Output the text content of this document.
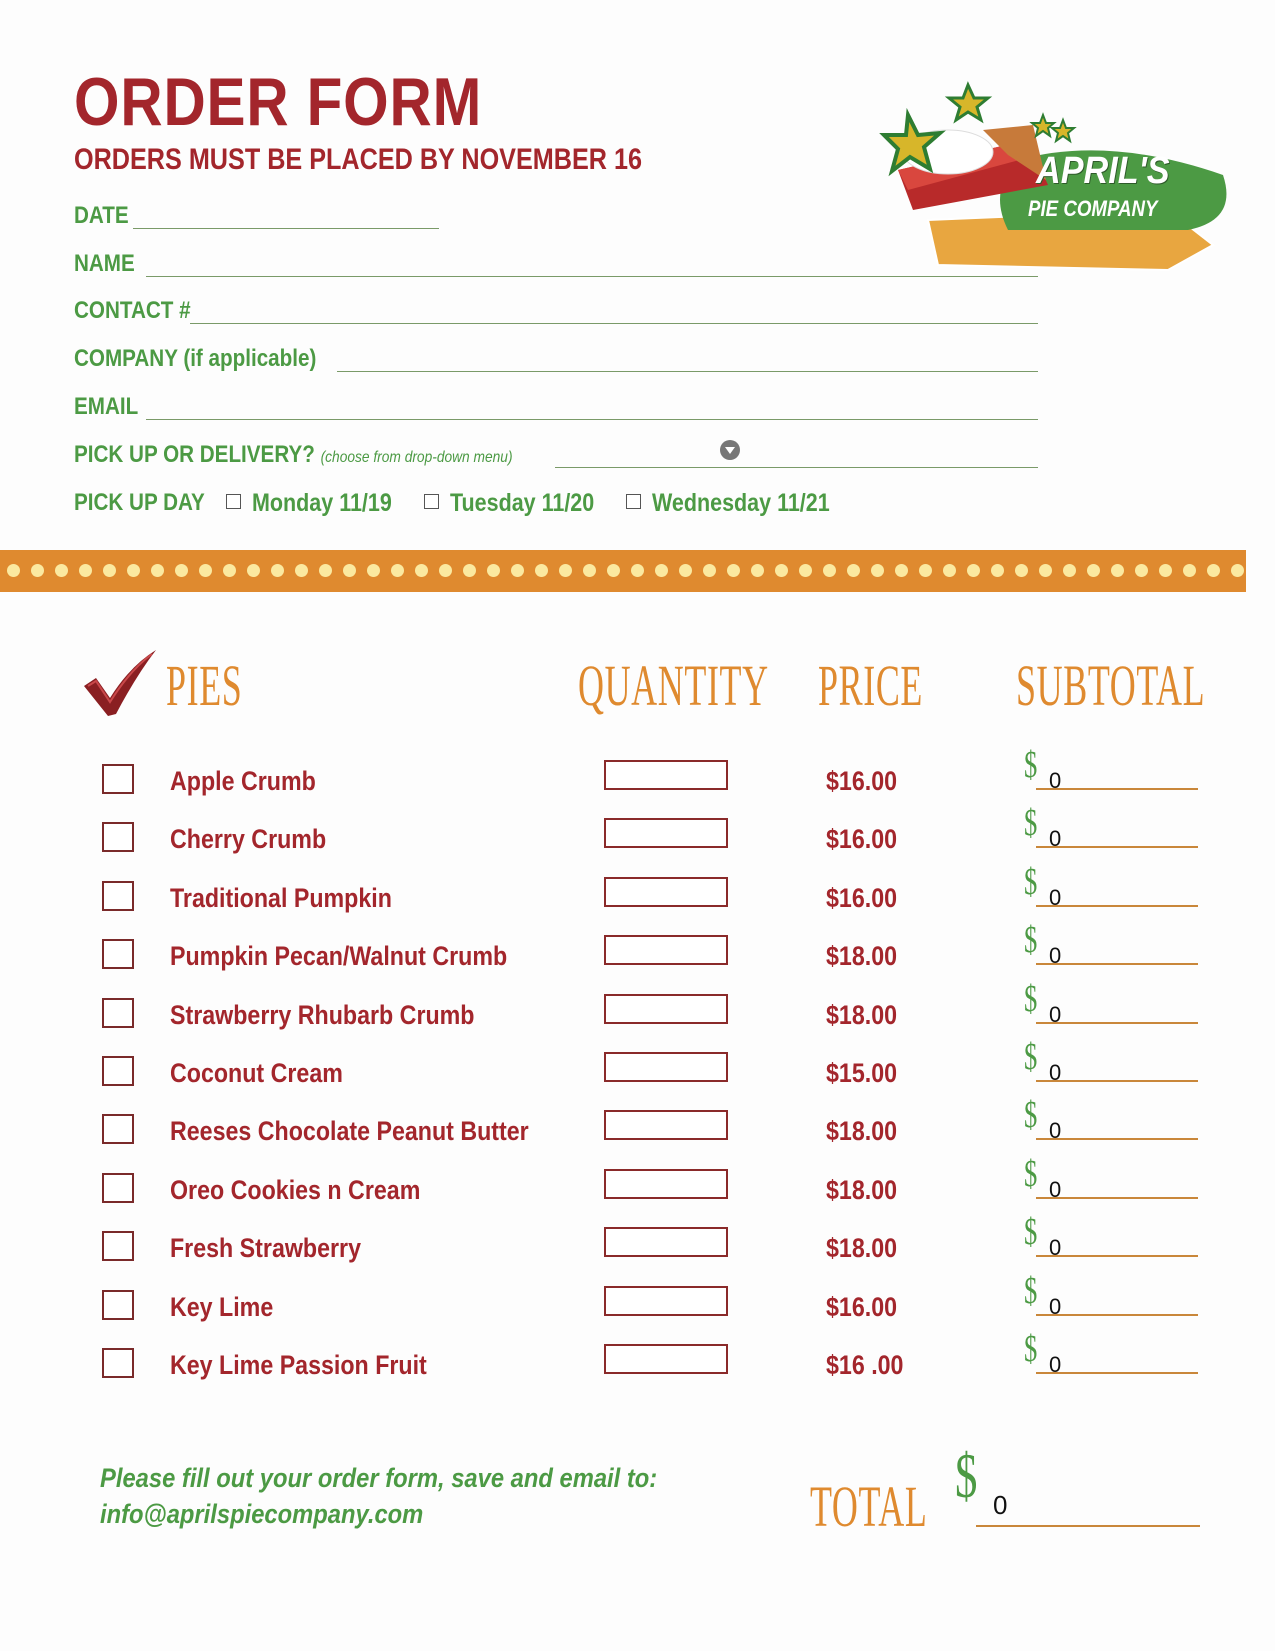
ORDER FORM
ORDERS MUST BE PLACED BY NOVEMBER 16	APRIL'S
PIE COMPANY
DATE
NAME
CONTACT #
COMPANY (if applicable)
EMAIL
PICK UP OR DELIVERY? (choose from drop-down menu)
PICK UP DAY Monday 11/19 Tuesday 11/20 Wednesday 11/21
PIES	QUANTITY PRICE SUBTOTAL
Apple Crumb	$16.00	$ 0
Cherry Crumb	$16.00	$ 0
Traditional Pumpkin	$16.00	$ 0
Pumpkin Pecan/Walnut Crumb	$18.00	$ 0
Strawberry Rhubarb Crumb	$18.00	$ 0
Coconut Cream	$15.00	$ 0
Reeses Chocolate Peanut Butter	$18.00	$ 0
Oreo Cookies n Cream	$18.00	$ 0
Fresh Strawberry	$18.00	$ 0
Key Lime	$16.00	$ 0
Key Lime Passion Fruit	$16 .00	$ 0
Please fill out your order form, save and email to:
info@aprilspiecompany.com	TOTAL $ 0
